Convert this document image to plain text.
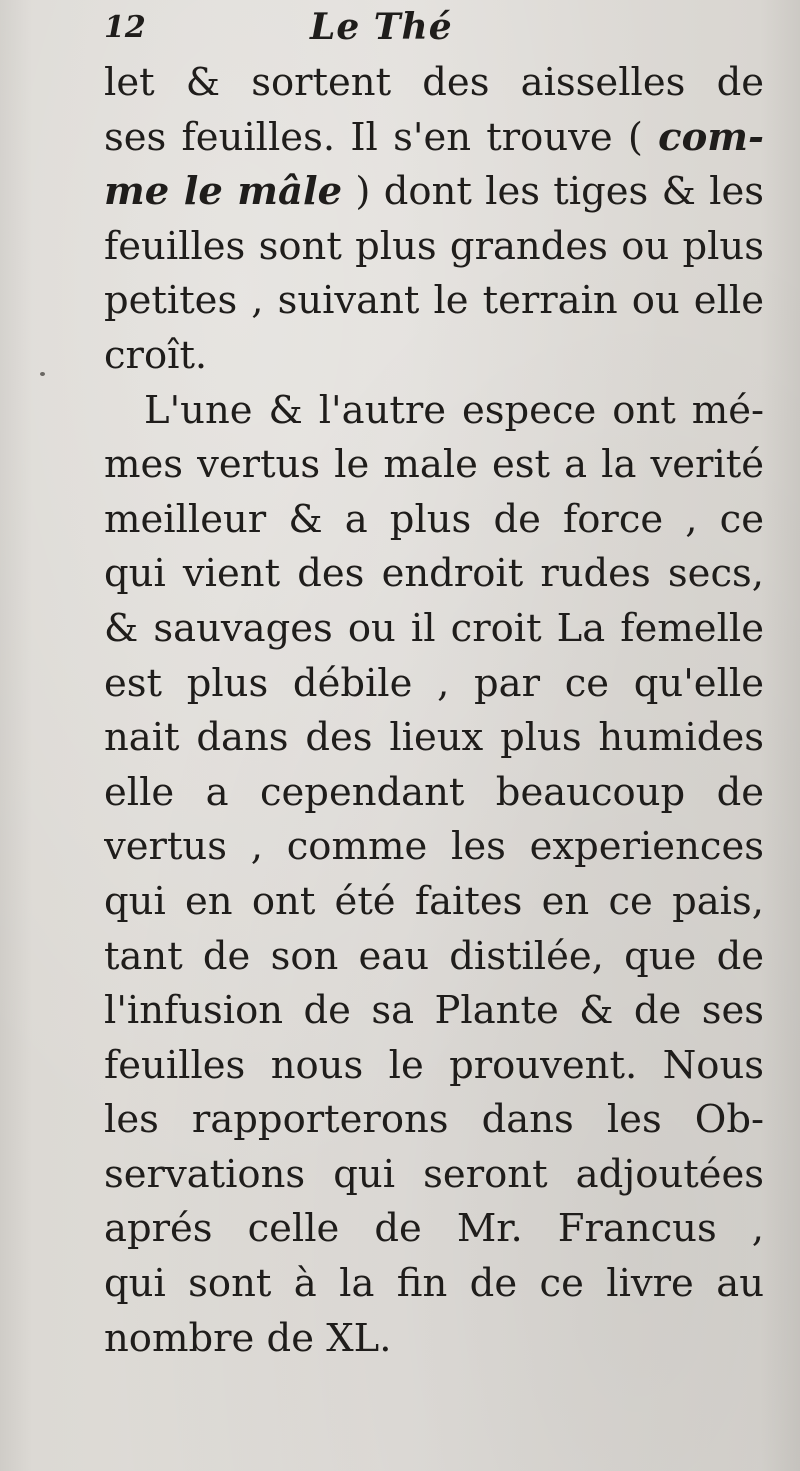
12	Le Thé
let & sortent des aisselles de
ses feuilles. Il s'en trouve ( com-
me le mâle ) dont les tiges & les
feuilles sont plus grandes ou plus
petites , suivant le terrain ou elle
croît.
L'une & l'autre espece ont mé-
mes vertus le male est a la verité
meilleur & a plus de force , ce
qui vient des endroit rudes secs,
& sauvages ou il croit La femelle
est plus débile , par ce qu'elle
nait dans des lieux plus humides
elle a cependant beaucoup de
vertus , comme les experiences
qui en ont été faites en ce pais,
tant de son eau distilée, que de
l'infusion de sa Plante & de ses
feuilles nous le prouvent. Nous
les rapporterons dans les Ob-
servations qui seront adjoutées
aprés celle de Mr. Francus ,
qui sont à la fin de ce livre au
nombre de XL.
